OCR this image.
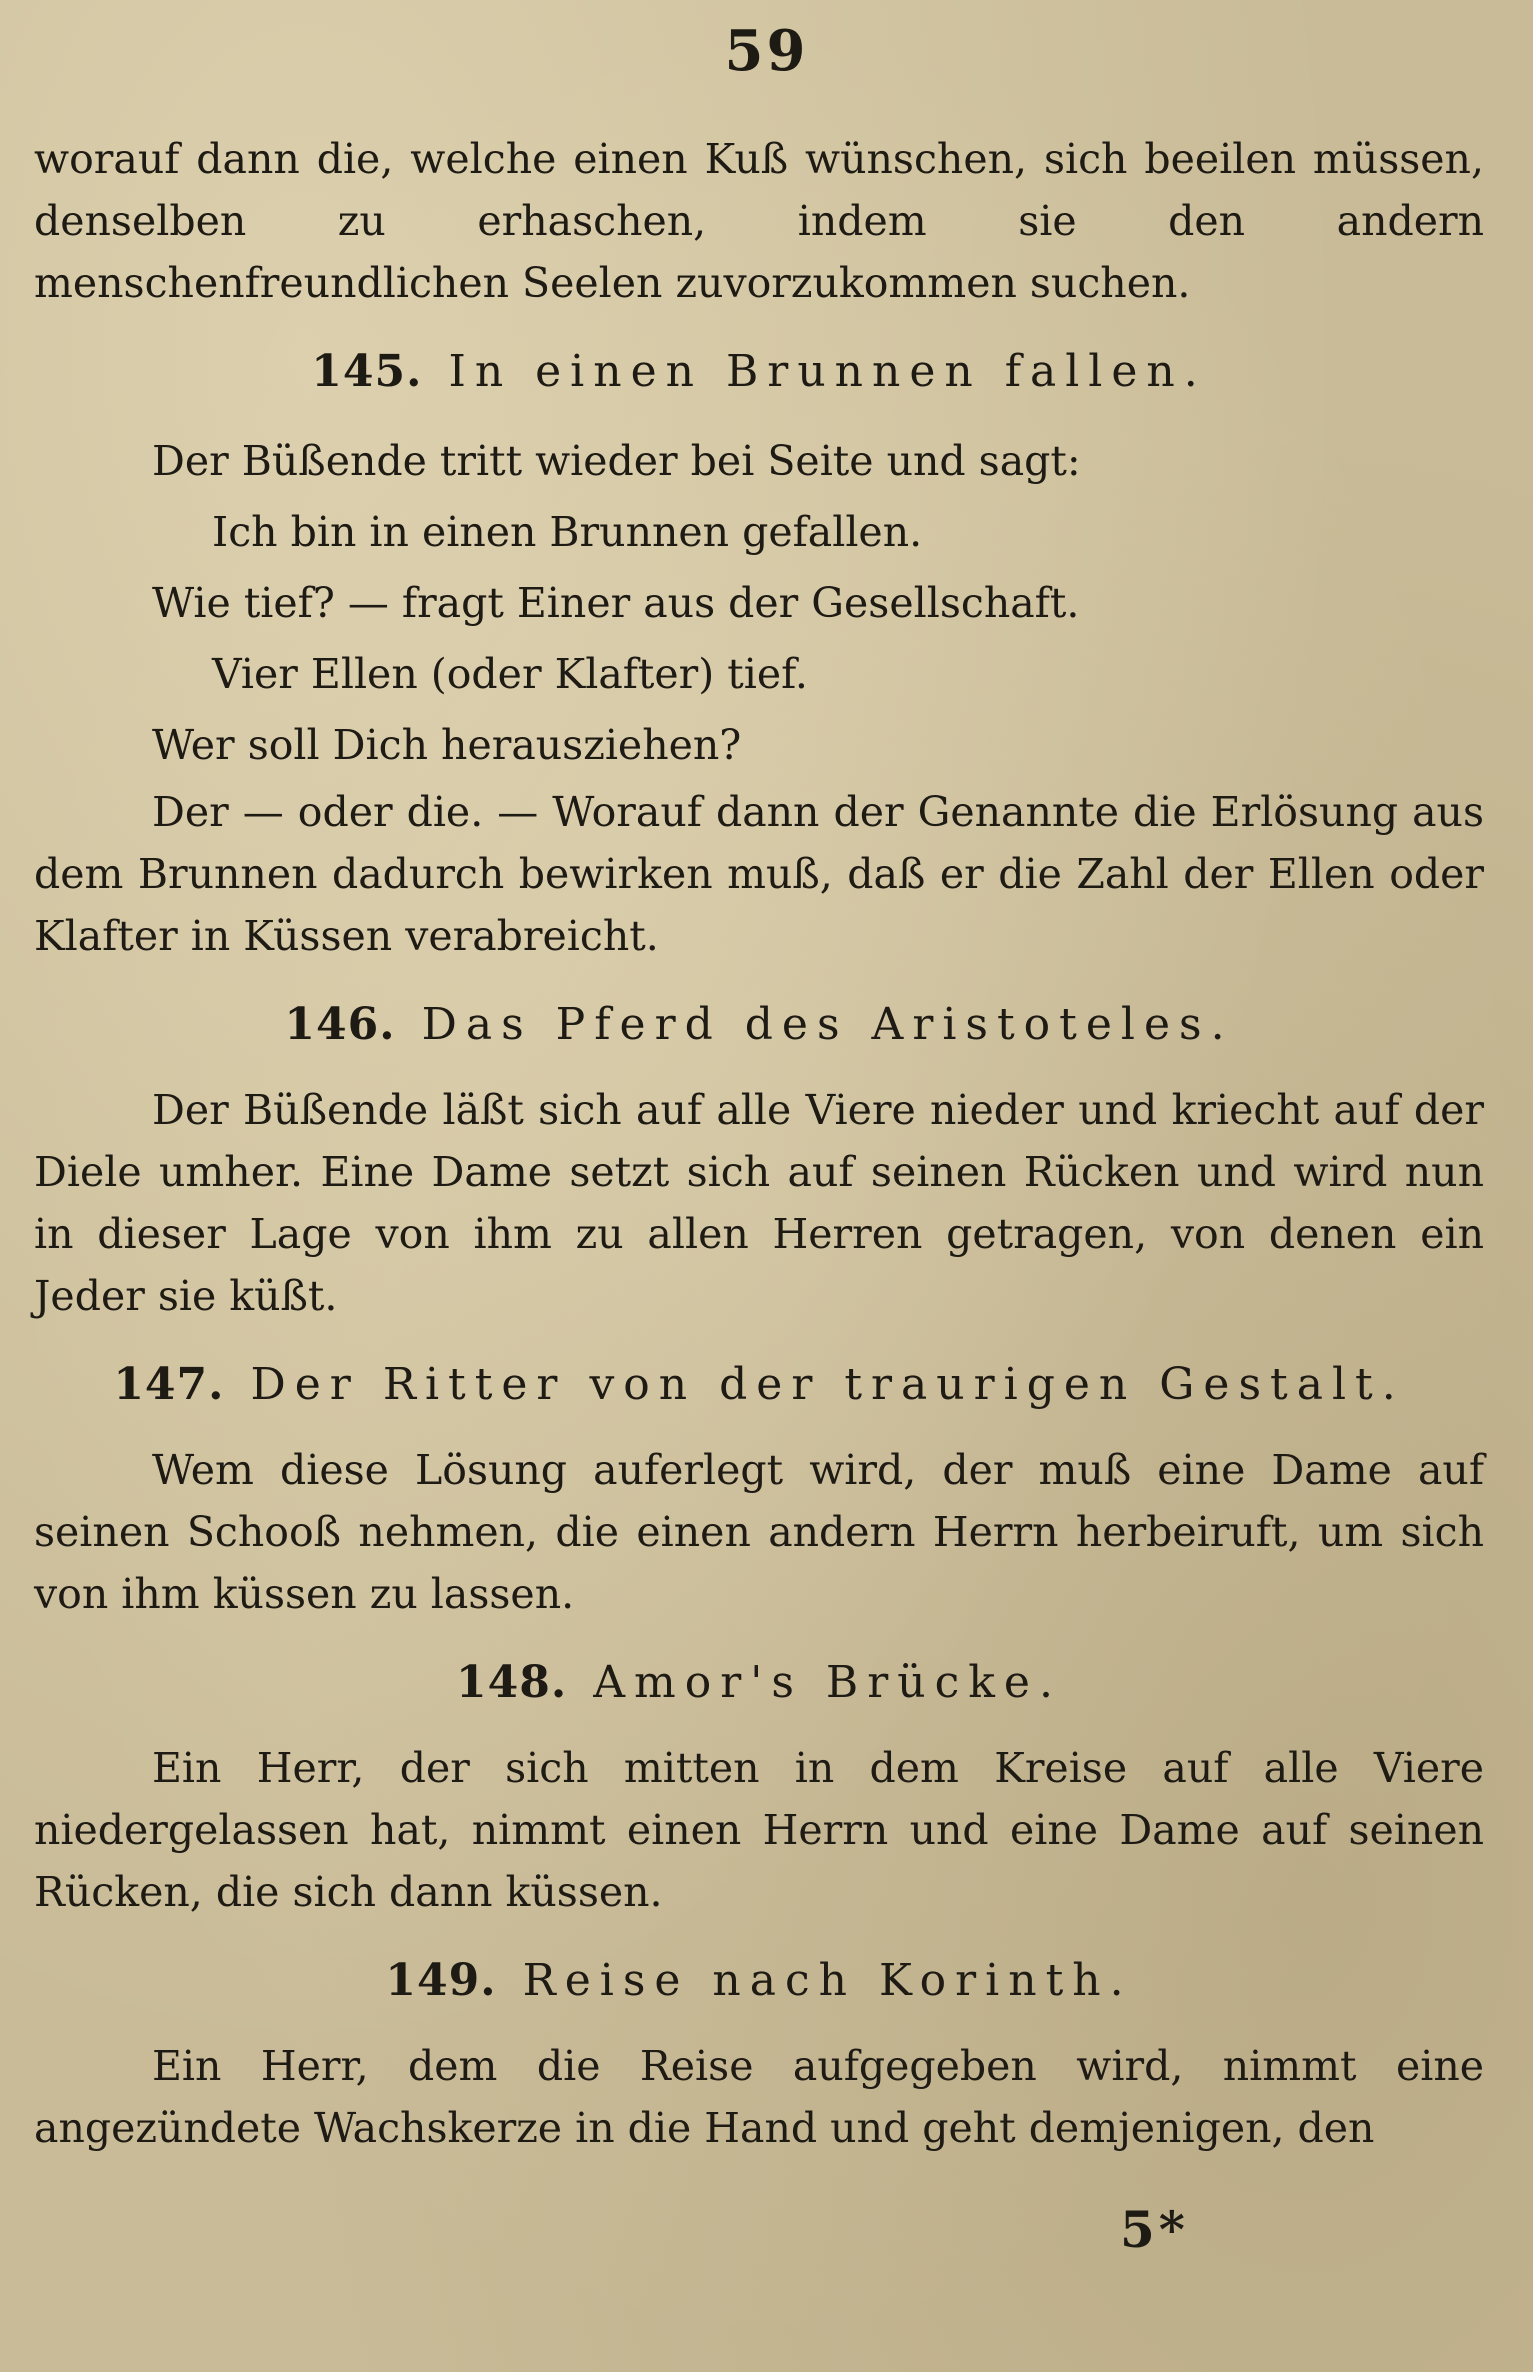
59

worauf dann die, welche einen Kuß wünschen, sich beeilen müssen, denselben zu erhaschen, indem sie den andern menschenfreundlichen Seelen zuvorzukommen suchen.

145. In einen Brunnen fallen.
Der Büßende tritt wieder bei Seite und sagt:
Ich bin in einen Brunnen gefallen.
Wie tief? — fragt Einer aus der Gesellschaft.
Vier Ellen (oder Klafter) tief.
Wer soll Dich herausziehen?

Der — oder die. — Worauf dann der Genannte die Erlösung aus dem Brunnen dadurch bewirken muß, daß er die Zahl der Ellen oder Klafter in Küssen verabreicht.

146. Das Pferd des Aristoteles.

Der Büßende läßt sich auf alle Viere nieder und kriecht auf der Diele umher. Eine Dame setzt sich auf seinen Rücken und wird nun in dieser Lage von ihm zu allen Herren getragen, von denen ein Jeder sie küßt.

147. Der Ritter von der traurigen Gestalt.

Wem diese Lösung auferlegt wird, der muß eine Dame auf seinen Schooß nehmen, die einen andern Herrn herbeiruft, um sich von ihm küssen zu lassen.

148. Amor's Brücke.

Ein Herr, der sich mitten in dem Kreise auf alle Viere niedergelassen hat, nimmt einen Herrn und eine Dame auf seinen Rücken, die sich dann küssen.

149. Reise nach Korinth.

Ein Herr, dem die Reise aufgegeben wird, nimmt eine angezündete Wachskerze in die Hand und geht demjenigen, den

5*
